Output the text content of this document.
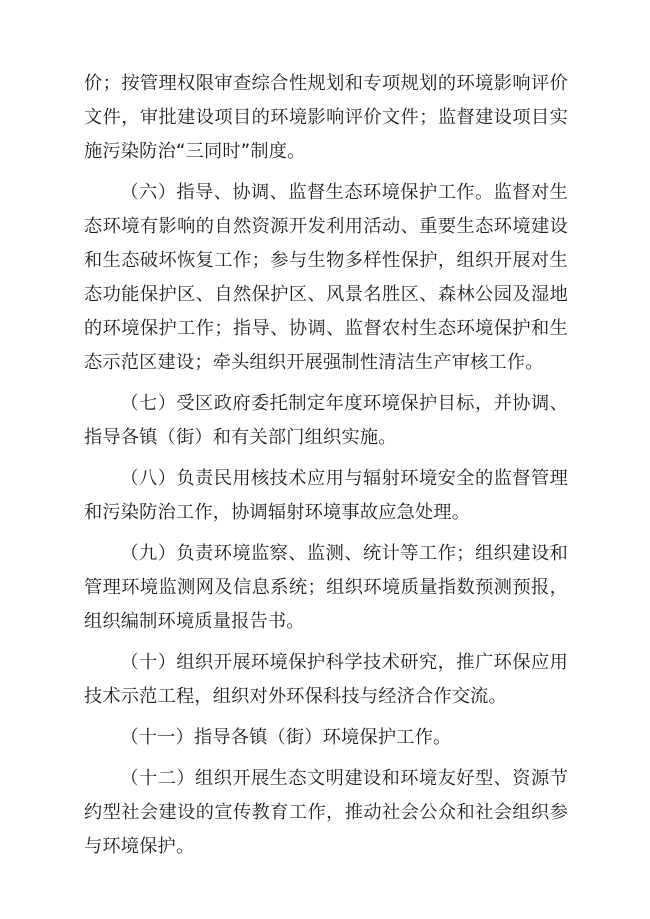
价；按管理权限审查综合性规划和专项规划的环境影响评价文件，审批建设项目的环境影响评价文件；监督建设项目实施污染防治“三同时”制度。

（六）指导、协调、监督生态环境保护工作。监督对生态环境有影响的自然资源开发利用活动、重要生态环境建设和生态破坏恢复工作；参与生物多样性保护，组织开展对生态功能保护区、自然保护区、风景名胜区、森林公园及湿地的环境保护工作；指导、协调、监督农村生态环境保护和生态示范区建设；牵头组织开展强制性清洁生产审核工作。

（七）受区政府委托制定年度环境保护目标，并协调、指导各镇（街）和有关部门组织实施。

（八）负责民用核技术应用与辐射环境安全的监督管理和污染防治工作，协调辐射环境事故应急处理。

（九）负责环境监察、监测、统计等工作；组织建设和管理环境监测网及信息系统；组织环境质量指数预测预报，组织编制环境质量报告书。

（十）组织开展环境保护科学技术研究，推广环保应用技术示范工程，组织对外环保科技与经济合作交流。

（十一）指导各镇（街）环境保护工作。

（十二）组织开展生态文明建设和环境友好型、资源节约型社会建设的宣传教育工作，推动社会公众和社会组织参与环境保护。
